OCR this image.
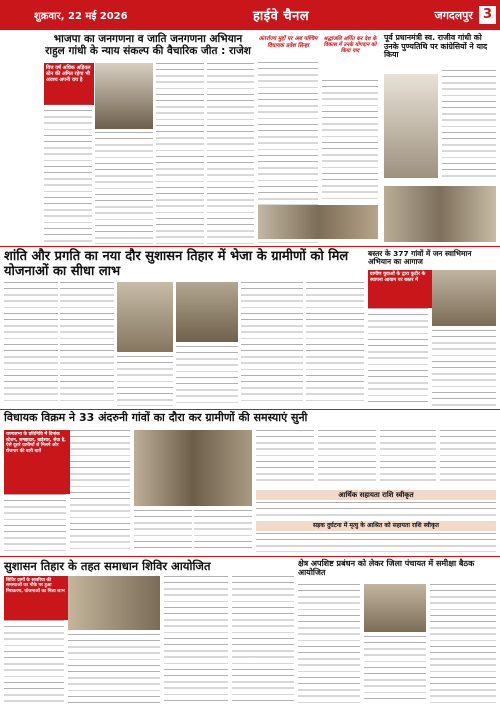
शुक्रवार, 22 मई 2026	हाईवे चैनल	जगदलपुर 3
भाजपा का जनगणना व जाति जनगणना अभियान राहुल गांधी के न्याय संकल्प की वैचारिक जीत : राजेश
वित्त वर्ष अधिक अड़ियल स्टेन की अमित रहेगा भी अवश्य अपनी राय है
अंतर्राज्य मुद्दों पर अब पश्चिम विधायक प्रवेश सिन्हा
श्रद्धांजलि अर्पित कर देश के विकास में उनके योगदान को किया याद
पूर्व प्रधानमंत्री स्व. राजीव गांधी को उनके पुण्यतिथि पर कांग्रेसियों ने याद किया
शांति और प्रगति का नया दौर सुशासन तिहार में भेजा के ग्रामीणों को मिल योजनाओं का सीधा लाभ
बस्तर के 377 गांवों में जन स्वाभिमान अभियान का आगाज
ग्रामीण युवाओं के द्वारा कुटीर के स्थापना आयाम पर बस्तर में
विधायक विक्रम ने 33 अंदरुनी गांवों का दौरा कर ग्रामीणों की समस्याएं सुनी
राज्यसभा के प्रतिनिधि में दिनांक स्टेशन, समझदार, खड़ेश्वर, सेवा है, ऐसे दूसरे ग्रामीणों से मिलने और रोजगार की बारी बातें
आर्थिक सहायता राशि स्वीकृत
सड़क दुर्घटना में मृत्यु के आश्रित को सहायता राशि स्वीकृत
सुशासन तिहार के तहत समाधान शिविर आयोजित
शिविर ग्रामों के सावरिया की समस्याओं का मौके पर हुआ निराकरण, योजनाओं का मिला लाभ
क्षेत्र अपशिष्ट प्रबंधन को लेकर जिला पंचायत में समीक्षा बैठक आयोजित
